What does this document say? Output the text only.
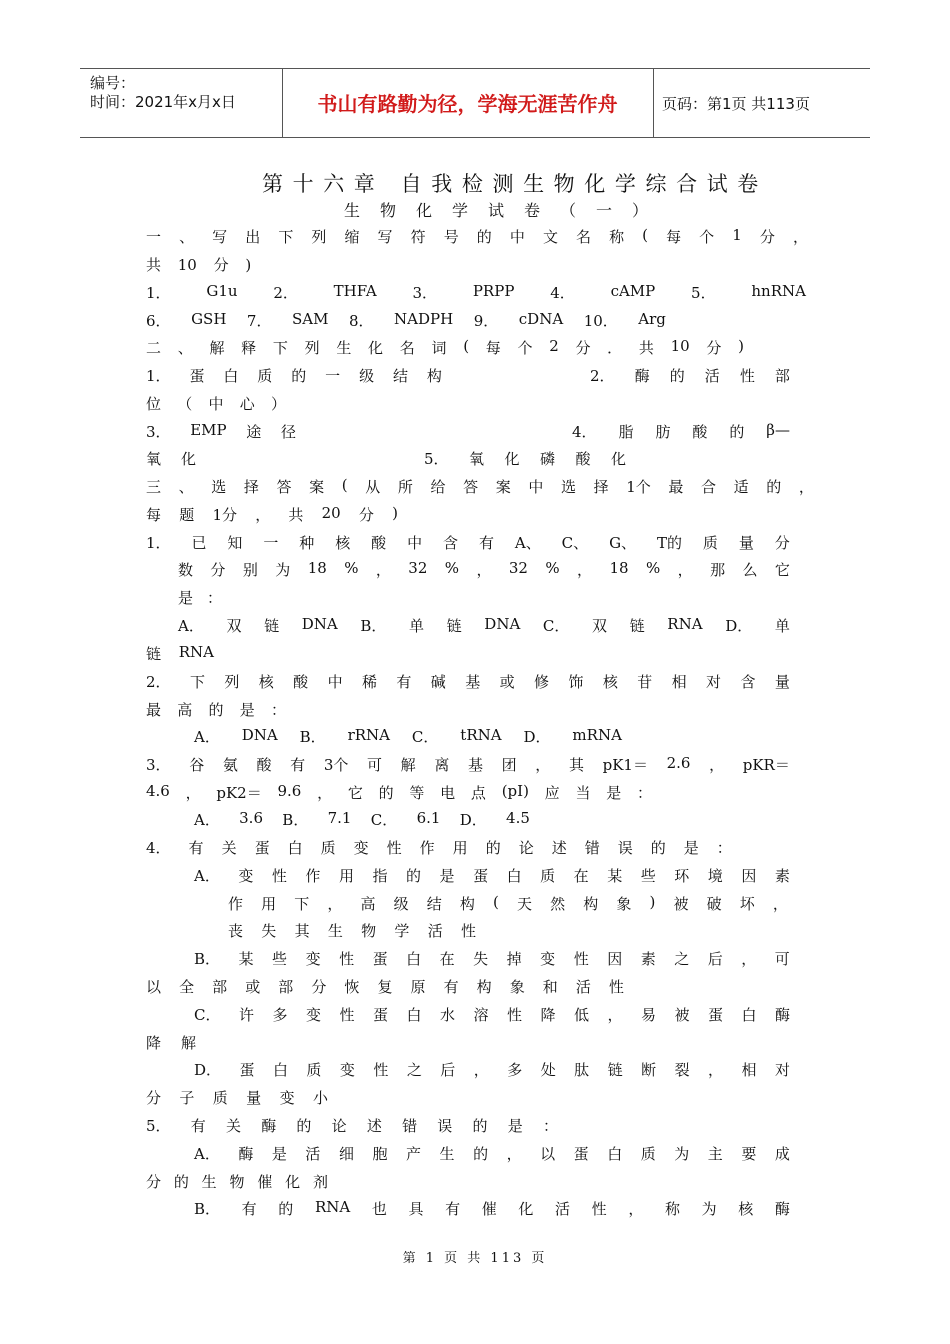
编号：
时间：2021年x月x日	书山有路勤为径，学海无涯苦作舟	页码：第1页 共113页
第十六章 自我检测生物化学综合试卷
生物化学试卷（一）
一 、 写 出 下 列 缩 写 符 号 的 中 文 名 称 ( 每 个 1 分 ，
共 10 分 )
1． G1u 2． THFA 3． PRPP 4． cAMP 5． hnRNA
6． GSH 7． SAM 8． NADPH 9． cDNA 10． Arg
二 、 解 释 下 列 生 化 名 词 ( 每 个 2 分 ． 共 10 分 )
1． 蛋 白 质 的 一 级 结 构	2． 酶 的 活 性 部
位 （ 中 心 ）
3． EMP 途 径	4． 脂 肪 酸 的 β—
氧 化	5． 氧 化 磷 酸 化
三 、 选 择 答 案 ( 从 所 给 答 案 中 选 择 1个 最 合 适 的 ，
每 题 1分 ， 共 20 分 )
1． 已 知 一 种 核 酸 中 含 有 A、 C、 G、 T的 质 量 分
数 分 别 为 18 % ， 32 % ， 32 % ， 18 % ， 那 么 它
是 ：
A． 双 链 DNA B． 单 链 DNA C． 双 链 RNA D． 单
链 RNA
2． 下 列 核 酸 中 稀 有 碱 基 或 修 饰 核 苷 相 对 含 量
最 高 的 是 ：
A． DNA B． rRNA C． tRNA D． mRNA
3． 谷 氨 酸 有 3个 可 解 离 基 团 ， 其 pK1＝ 2.6 ， pKR＝
4.6 ， pK2＝ 9.6 ， 它 的 等 电 点 (pI) 应 当 是 ：
A． 3.6 B． 7.1 C． 6.1 D． 4.5
4． 有 关 蛋 白 质 变 性 作 用 的 论 述 错 误 的 是 ：
A． 变 性 作 用 指 的 是 蛋 白 质 在 某 些 环 境 因 素
作 用 下 ， 高 级 结 构 ( 天 然 构 象 ) 被 破 坏 ，
丧 失 其 生 物 学 活 性
B． 某 些 变 性 蛋 白 在 失 掉 变 性 因 素 之 后 ， 可
以 全 部 或 部 分 恢 复 原 有 构 象 和 活 性
C． 许 多 变 性 蛋 白 水 溶 性 降 低 ， 易 被 蛋 白 酶
降 解
D． 蛋 白 质 变 性 之 后 ， 多 处 肽 链 断 裂 ， 相 对
分 子 质 量 变 小
5． 有 关 酶 的 论 述 错 误 的 是 ：
A． 酶 是 活 细 胞 产 生 的 ， 以 蛋 白 质 为 主 要 成
分 的 生 物 催 化 剂
B． 有 的 RNA 也 具 有 催 化 活 性 ， 称 为 核 酶
第 1 页 共 113 页
